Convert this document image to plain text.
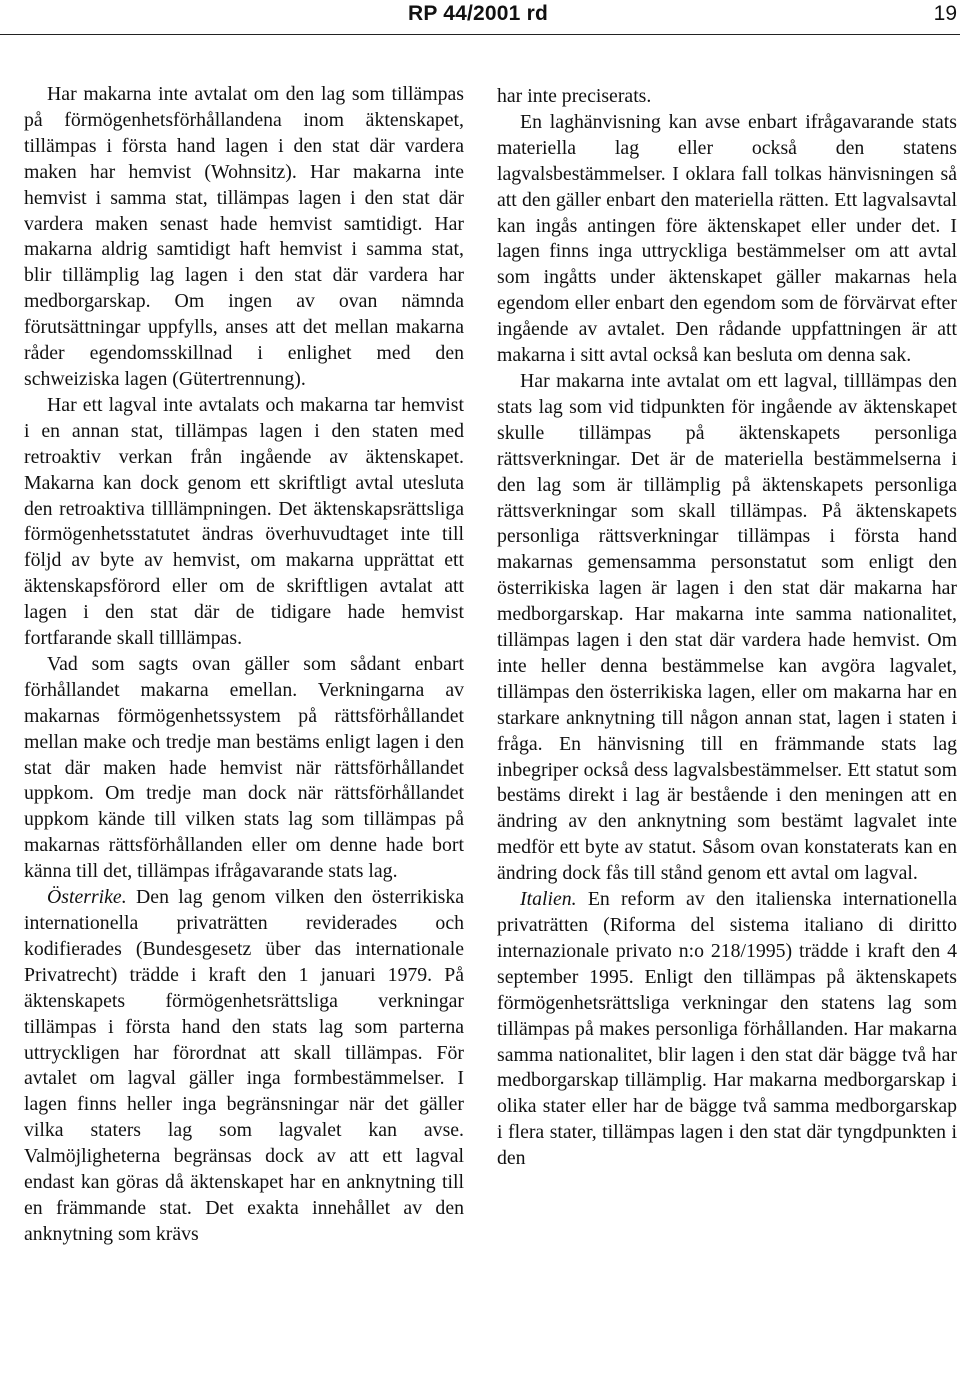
RP 44/2001 rd	19

Har makarna inte avtalat om den lag som tillämpas på förmögenhetsförhållandena inom äktenskapet, tillämpas i första hand lagen i den stat där vardera maken har hemvist (Wohnsitz). Har makarna inte hemvist i samma stat, tillämpas lagen i den stat där vardera maken senast hade hemvist samtidigt. Har makarna aldrig samtidigt haft hemvist i samma stat, blir tillämplig lag lagen i den stat där vardera har medborgarskap. Om ingen av ovan nämnda förutsättningar uppfylls, anses att det mellan makarna råder egendomsskillnad i enlighet med den schweiziska lagen (Gütertrennung).

Har ett lagval inte avtalats och makarna tar hemvist i en annan stat, tillämpas lagen i den staten med retroaktiv verkan från ingående av äktenskapet. Makarna kan dock genom ett skriftligt avtal utesluta den retroaktiva tilllämpningen. Det äktenskapsrättsliga förmögenhetsstatutet ändras överhuvudtaget inte till följd av byte av hemvist, om makarna upprättat ett äktenskapsförord eller om de skriftligen avtalat att lagen i den stat där de tidigare hade hemvist fortfarande skall tilllämpas.

Vad som sagts ovan gäller som sådant enbart förhållandet makarna emellan. Verkningarna av makarnas förmögenhetssystem på rättsförhållandet mellan make och tredje man bestäms enligt lagen i den stat där maken hade hemvist när rättsförhållandet uppkom. Om tredje man dock när rättsförhållandet uppkom kände till vilken stats lag som tillämpas på makarnas rättsförhållanden eller om denne hade bort känna till det, tillämpas ifrågavarande stats lag.

Österrike. Den lag genom vilken den österrikiska internationella privaträtten reviderades och kodifierades (Bundesgesetz über das internationale Privatrecht) trädde i kraft den 1 januari 1979. På äktenskapets förmögenhetsrättsliga verkningar tillämpas i första hand den stats lag som parterna uttryckligen har förordnat att skall tillämpas. För avtalet om lagval gäller inga formbestämmelser. I lagen finns heller inga begränsningar när det gäller vilka staters lag som lagvalet kan avse. Valmöjligheterna begränsas dock av att ett lagval endast kan göras då äktenskapet har en anknytning till en främmande stat. Det exakta innehållet av den anknytning som krävs

har inte preciserats.

En laghänvisning kan avse enbart ifrågavarande stats materiella lag eller också den statens lagvalsbestämmelser. I oklara fall tolkas hänvisningen så att den gäller enbart den materiella rätten. Ett lagvalsavtal kan ingås antingen före äktenskapet eller under det. I lagen finns inga uttryckliga bestämmelser om att avtal som ingåtts under äktenskapet gäller makarnas hela egendom eller enbart den egendom som de förvärvat efter ingående av avtalet. Den rådande uppfattningen är att makarna i sitt avtal också kan besluta om denna sak.

Har makarna inte avtalat om ett lagval, tilllämpas den stats lag som vid tidpunkten för ingående av äktenskapet skulle tillämpas på äktenskapets personliga rättsverkningar. Det är de materiella bestämmelserna i den lag som är tillämplig på äktenskapets personliga rättsverkningar som skall tillämpas. På äktenskapets personliga rättsverkningar tillämpas i första hand makarnas gemensamma personstatut som enligt den österrikiska lagen är lagen i den stat där makarna har medborgarskap. Har makarna inte samma nationalitet, tillämpas lagen i den stat där vardera hade hemvist. Om inte heller denna bestämmelse kan avgöra lagvalet, tillämpas den österrikiska lagen, eller om makarna har en starkare anknytning till någon annan stat, lagen i staten i fråga. En hänvisning till en främmande stats lag inbegriper också dess lagvalsbestämmelser. Ett statut som bestäms direkt i lag är bestående i den meningen att en ändring av den anknytning som bestämt lagvalet inte medför ett byte av statut. Såsom ovan konstaterats kan en ändring dock fås till stånd genom ett avtal om lagval.

Italien. En reform av den italienska internationella privaträtten (Riforma del sistema italiano di diritto internazionale privato n:o 218/1995) trädde i kraft den 4 september 1995. Enligt den tillämpas på äktenskapets förmögenhetsrättsliga verkningar den statens lag som tillämpas på makes personliga förhållanden. Har makarna samma nationalitet, blir lagen i den stat där bägge två har medborgarskap tillämplig. Har makarna medborgarskap i olika stater eller har de bägge två samma medborgarskap i flera stater, tillämpas lagen i den stat där tyngdpunkten i den
